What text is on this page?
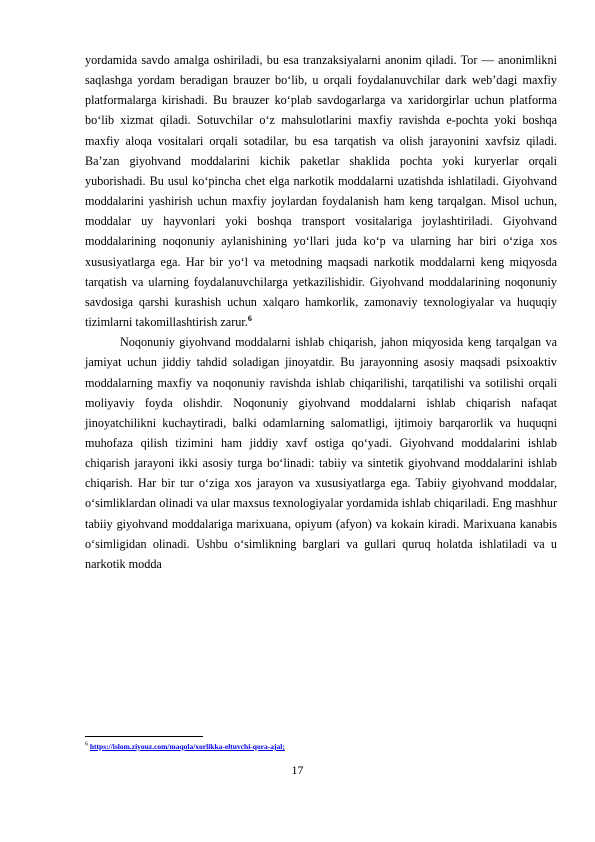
yordamida savdo amalga oshiriladi, bu esa tranzaksiyalarni anonim qiladi. Tor — anonimlikni saqlashga yordam beradigan brauzer bo‘lib, u orqali foydalanuvchilar dark web’dagi maxfiy platformalarga kirishadi. Bu brauzer ko‘plab savdogarlarga va xaridorgirlar uchun platforma bo‘lib xizmat qiladi. Sotuvchilar o‘z mahsulotlarini maxfiy ravishda e-pochta yoki boshqa maxfiy aloqa vositalari orqali sotadilar, bu esa tarqatish va olish jarayonini xavfsiz qiladi. Ba’zan giyohvand moddalarini kichik paketlar shaklida pochta yoki kuryerlar orqali yuborishadi. Bu usul ko‘pincha chet elga narkotik moddalarni uzatishda ishlatiladi. Giyohvand moddalarini yashirish uchun maxfiy joylardan foydalanish ham keng tarqalgan. Misol uchun, moddalar uy hayvonlari yoki boshqa transport vositalariga joylashtiriladi. Giyohvand moddalarining noqonuniy aylanishining yo‘llari juda ko‘p va ularning har biri o‘ziga xos xususiyatlarga ega. Har bir yo‘l va metodning maqsadi narkotik moddalarni keng miqyosda tarqatish va ularning foydalanuvchilarga yetkazilishidir. Giyohvand moddalarining noqonuniy savdosiga qarshi kurashish uchun xalqaro hamkorlik, zamonaviy texnologiyalar va huquqiy tizimlarni takomillashtirish zarur.$^6$

Noqonuniy giyohvand moddalarni ishlab chiqarish, jahon miqyosida keng tarqalgan va jamiyat uchun jiddiy tahdid soladigan jinoyatdir. Bu jarayonning asosiy maqsadi psixoaktiv moddalarning maxfiy va noqonuniy ravishda ishlab chiqarilishi, tarqatilishi va sotilishi orqali moliyaviy foyda olishdir. Noqonuniy giyohvand moddalarni ishlab chiqarish nafaqat jinoyatchilikni kuchaytiradi, balki odamlarning salomatligi, ijtimoiy barqarorlik va huquqni muhofaza qilish tizimini ham jiddiy xavf ostiga qo‘yadi. Giyohvand moddalarini ishlab chiqarish jarayoni ikki asosiy turga bo‘linadi: tabiiy va sintetik giyohvand moddalarini ishlab chiqarish. Har bir tur o‘ziga xos jarayon va xususiyatlarga ega. Tabiiy giyohvand moddalar, o‘simliklardan olinadi va ular maxsus texnologiyalar yordamida ishlab chiqariladi. Eng mashhur tabiiy giyohvand moddalariga marixuana, opiyum (afyon) va kokain kiradi. Marixuana kanabis o‘simligidan olinadi. Ushbu o‘simlikning barglari va gullari quruq holatda ishlatiladi va u narkotik modda

$^6$ https://islom.ziyouz.com/maqola/xorlikka-eltuvchi-qora-ajal;
17
